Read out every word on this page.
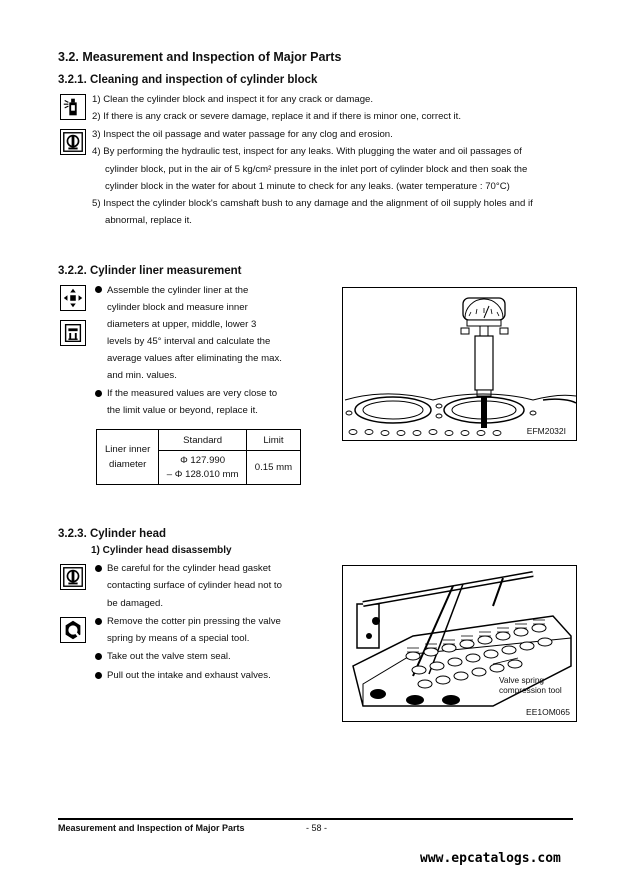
3.2. Measurement and Inspection of Major Parts
3.2.1. Cleaning and inspection of cylinder block
1) Clean the cylinder block and inspect it for any crack or damage.
2) If there is any crack or severe damage, replace it and if there is minor one, correct it.
3) Inspect the oil passage and water passage for any clog and erosion.
4) By performing the hydraulic test, inspect for any leaks. With plugging the water and oil passages of
cylinder block, put in the air of 5 kg/cm² pressure in the inlet port of cylinder block and then soak the
cylinder block in the water for about 1 minute to check for any leaks. (water temperature : 70°C)
5) Inspect the cylinder block's camshaft bush to any damage and the alignment of oil supply holes and if
abnormal, replace it.
3.2.2. Cylinder liner measurement
Assemble the cylinder liner at the
cylinder block and measure inner
diameters at upper, middle, lower 3
levels by 45° interval and calculate the
average values after eliminating the max.
and min. values.
If the measured values are very close to
the limit value or beyond, replace it.
Liner inner
diameter	Standard	Limit

	Φ 127.990
– Φ 128.010 mm	0.15 mm
EFM2032I
3.2.3. Cylinder head
1) Cylinder head disassembly
Be careful for the cylinder head gasket
contacting surface of cylinder head not to
be damaged.
Remove the cotter pin pressing the valve
spring by means of a special tool.
Take out the valve stem seal.
Pull out the intake and exhaust valves.	Valve spring
compression tool
EE1OM065
Measurement and Inspection of Major Parts	- 58 -
www.epcatalogs.com
